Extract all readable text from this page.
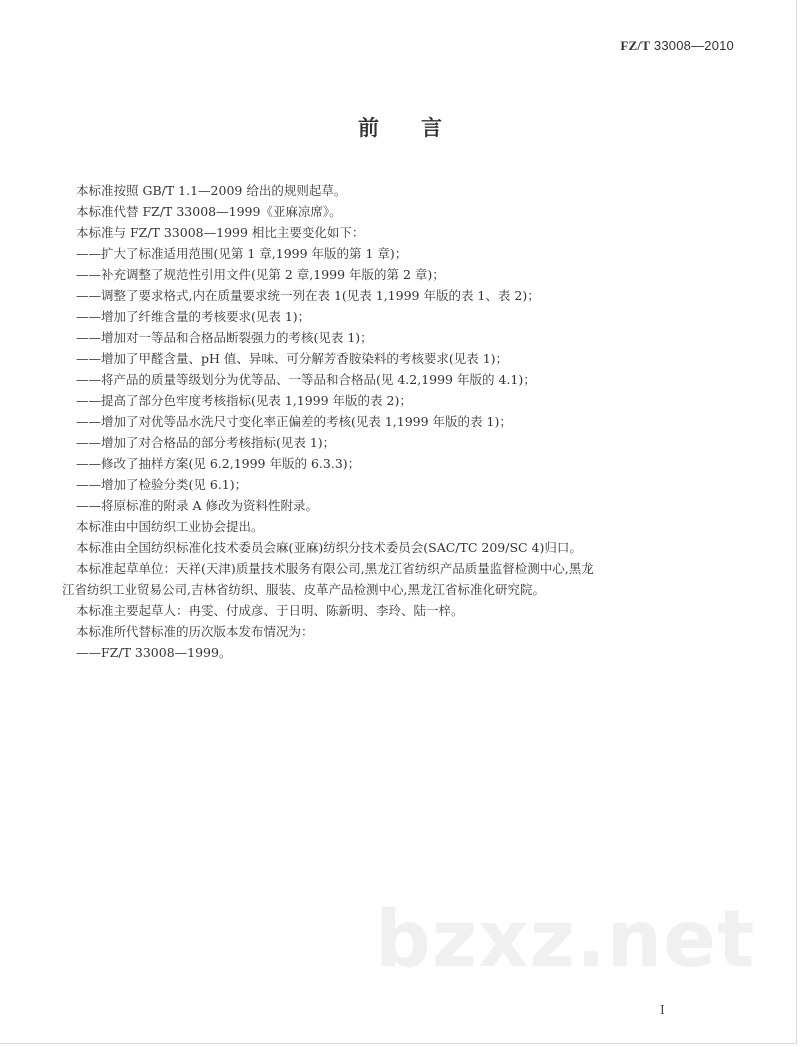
FZ/T 33008—2010
前言
本标准按照 GB/T 1.1—2009 给出的规则起草。
本标准代替 FZ/T 33008—1999《亚麻凉席》。
本标准与 FZ/T 33008—1999 相比主要变化如下：
——扩大了标准适用范围(见第 1 章,1999 年版的第 1 章)；
——补充调整了规范性引用文件(见第 2 章,1999 年版的第 2 章)；
——调整了要求格式,内在质量要求统一列在表 1(见表 1,1999 年版的表 1、表 2)；
——增加了纤维含量的考核要求(见表 1)；
——增加对一等品和合格品断裂强力的考核(见表 1)；
——增加了甲醛含量、pH 值、异味、可分解芳香胺染料的考核要求(见表 1)；
——将产品的质量等级划分为优等品、一等品和合格品(见 4.2,1999 年版的 4.1)；
——提高了部分色牢度考核指标(见表 1,1999 年版的表 2)；
——增加了对优等品水洗尺寸变化率正偏差的考核(见表 1,1999 年版的表 1)；
——增加了对合格品的部分考核指标(见表 1)；
——修改了抽样方案(见 6.2,1999 年版的 6.3.3)；
——增加了检验分类(见 6.1)；
——将原标准的附录 A 修改为资料性附录。
本标准由中国纺织工业协会提出。
本标准由全国纺织标准化技术委员会麻(亚麻)纺织分技术委员会(SAC/TC 209/SC 4)归口。
本标准起草单位：天祥(天津)质量技术服务有限公司,黑龙江省纺织产品质量监督检测中心,黑龙
江省纺织工业贸易公司,吉林省纺织、服装、皮革产品检测中心,黑龙江省标准化研究院。
本标准主要起草人：冉雯、付成彦、于日明、陈新明、李玲、陆一梓。
本标准所代替标准的历次版本发布情况为：
——FZ/T 33008—1999。
bzxz.net
I
